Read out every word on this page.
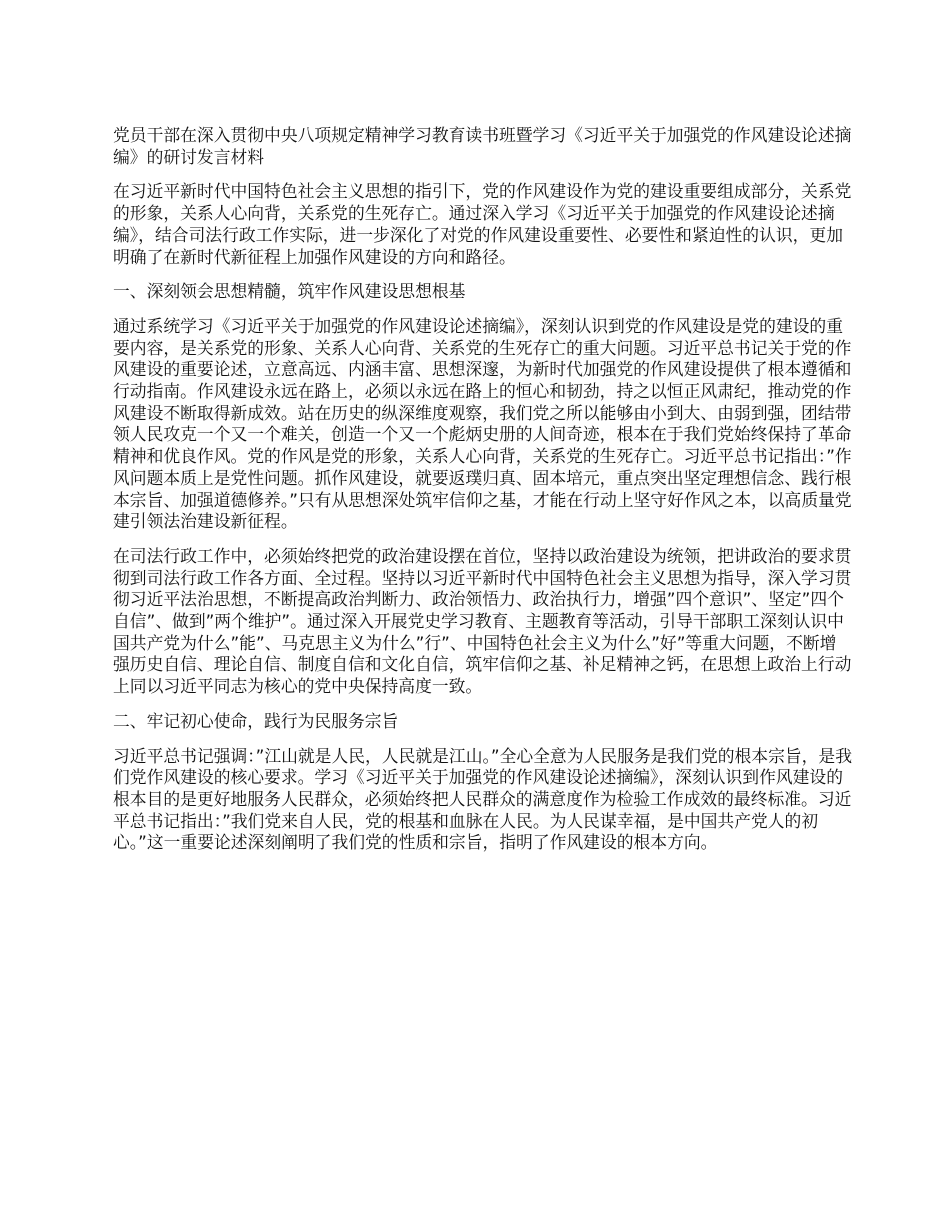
党员干部在深入贯彻中央八项规定精神学习教育读书班暨学习《习近平关于加强党的作风建设论述摘编》的研讨发言材料

在习近平新时代中国特色社会主义思想的指引下，党的作风建设作为党的建设重要组成部分，关系党的形象，关系人心向背，关系党的生死存亡。通过深入学习《习近平关于加强党的作风建设论述摘编》，结合司法行政工作实际，进一步深化了对党的作风建设重要性、必要性和紧迫性的认识，更加明确了在新时代新征程上加强作风建设的方向和路径。

一、深刻领会思想精髓，筑牢作风建设思想根基

通过系统学习《习近平关于加强党的作风建设论述摘编》，深刻认识到党的作风建设是党的建设的重要内容，是关系党的形象、关系人心向背、关系党的生死存亡的重大问题。习近平总书记关于党的作风建设的重要论述，立意高远、内涵丰富、思想深邃，为新时代加强党的作风建设提供了根本遵循和行动指南。作风建设永远在路上，必须以永远在路上的恒心和韧劲，持之以恒正风肃纪，推动党的作风建设不断取得新成效。站在历史的纵深维度观察，我们党之所以能够由小到大、由弱到强，团结带领人民攻克一个又一个难关，创造一个又一个彪炳史册的人间奇迹，根本在于我们党始终保持了革命精神和优良作风。党的作风是党的形象，关系人心向背，关系党的生死存亡。习近平总书记指出：”作风问题本质上是党性问题。抓作风建设，就要返璞归真、固本培元，重点突出坚定理想信念、践行根本宗旨、加强道德修养。”只有从思想深处筑牢信仰之基，才能在行动上坚守好作风之本，以高质量党建引领法治建设新征程。

在司法行政工作中，必须始终把党的政治建设摆在首位，坚持以政治建设为统领，把讲政治的要求贯彻到司法行政工作各方面、全过程。坚持以习近平新时代中国特色社会主义思想为指导，深入学习贯彻习近平法治思想，不断提高政治判断力、政治领悟力、政治执行力，增强”四个意识”、坚定”四个自信”、做到”两个维护”。通过深入开展党史学习教育、主题教育等活动，引导干部职工深刻认识中国共产党为什么”能”、马克思主义为什么”行”、中国特色社会主义为什么”好”等重大问题，不断增强历史自信、理论自信、制度自信和文化自信，筑牢信仰之基、补足精神之钙，在思想上政治上行动上同以习近平同志为核心的党中央保持高度一致。

二、牢记初心使命，践行为民服务宗旨

习近平总书记强调：”江山就是人民，人民就是江山。”全心全意为人民服务是我们党的根本宗旨，是我们党作风建设的核心要求。学习《习近平关于加强党的作风建设论述摘编》，深刻认识到作风建设的根本目的是更好地服务人民群众，必须始终把人民群众的满意度作为检验工作成效的最终标准。习近平总书记指出：”我们党来自人民，党的根基和血脉在人民。为人民谋幸福，是中国共产党人的初心。”这一重要论述深刻阐明了我们党的性质和宗旨，指明了作风建设的根本方向。
